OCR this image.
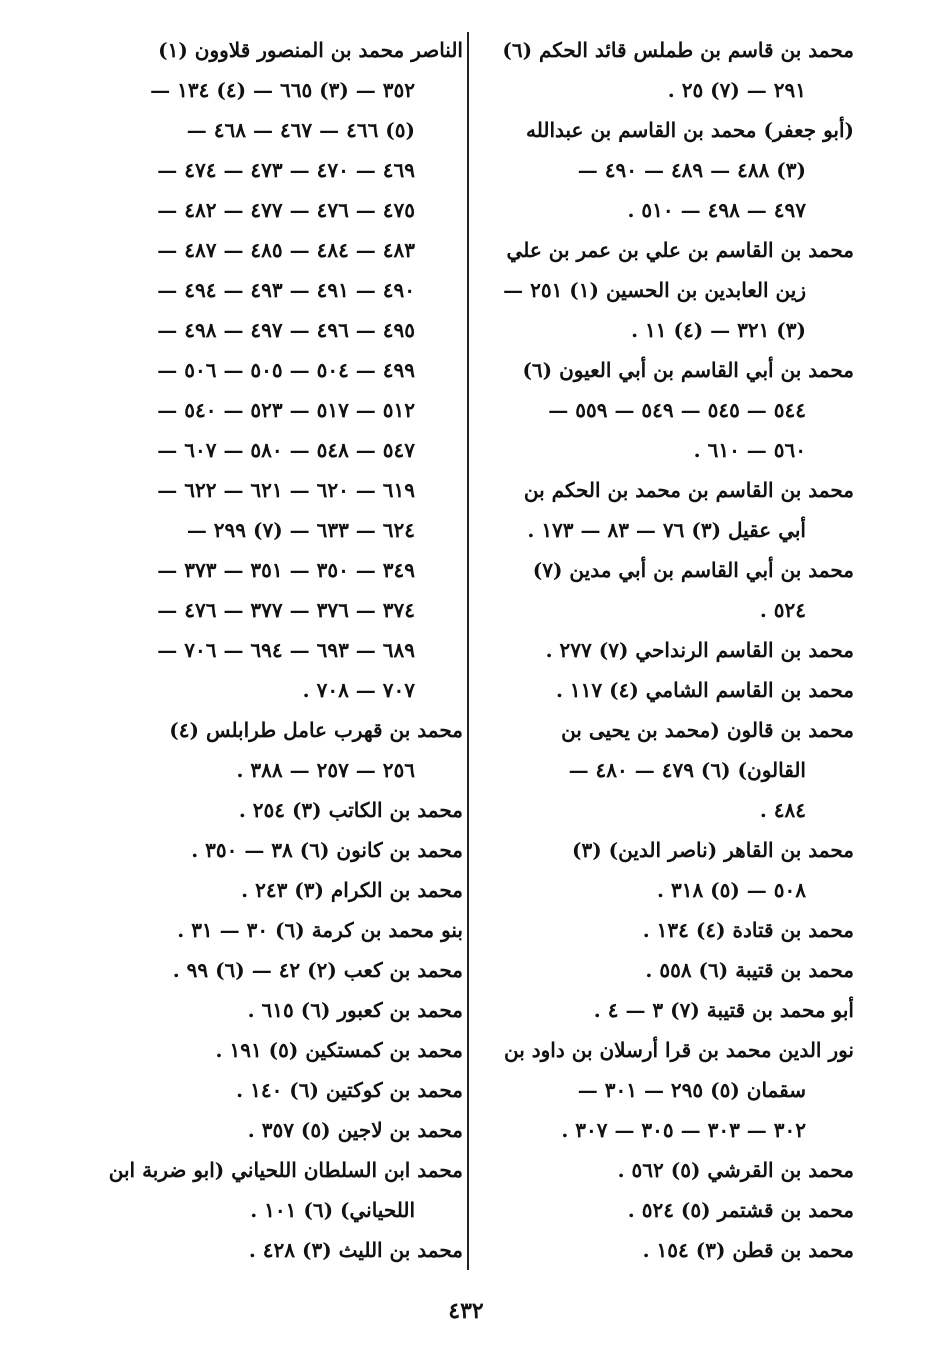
محمد بن قاسم بن طملس قائد الحكم (٦)
٢٩١ — (٧) ٢٥ .
(أبو جعفر) محمد بن القاسم بن عبدالله
(٣) ٤٨٨ — ٤٨٩ — ٤٩٠ —
٤٩٧ — ٤٩٨ — ٥١٠ .
محمد بن القاسم بن علي بن عمر بن علي
زين العابدين بن الحسين (١) ٢٥١ —
(٣) ٣٢١ — (٤) ١١ .
محمد بن أبي القاسم بن أبي العيون (٦)
٥٤٤ — ٥٤٥ — ٥٤٩ — ٥٥٩ —
٥٦٠ — ٦١٠ .
محمد بن القاسم بن محمد بن الحكم بن
أبي عقيل (٣) ٧٦ — ٨٣ — ١٧٣ .
محمد بن أبي القاسم بن أبي مدين (٧)
٥٢٤ .
محمد بن القاسم الرنداحي (٧) ٢٧٧ .
محمد بن القاسم الشامي (٤) ١١٧ .
محمد بن قالون (محمد بن يحيى بن
القالون) (٦) ٤٧٩ — ٤٨٠ —
٤٨٤ .
محمد بن القاهر (ناصر الدين) (٣)
٥٠٨ — (٥) ٣١٨ .
محمد بن قتادة (٤) ١٣٤ .
محمد بن قتيبة (٦) ٥٥٨ .
أبو محمد بن قتيبة (٧) ٣ — ٤ .
نور الدين محمد بن قرا أرسلان بن داود بن
سقمان (٥) ٢٩٥ — ٣٠١ —
٣٠٢ — ٣٠٣ — ٣٠٥ — ٣٠٧ .
محمد بن القرشي (٥) ٥٦٢ .
محمد بن قشتمر (٥) ٥٢٤ .
محمد بن قطن (٣) ١٥٤ .
الناصر محمد بن المنصور قلاوون (١)
٣٥٢ — (٣) ٦٦٥ — (٤) ١٣٤ —
(٥) ٤٦٦ — ٤٦٧ — ٤٦٨ —
٤٦٩ — ٤٧٠ — ٤٧٣ — ٤٧٤ —
٤٧٥ — ٤٧٦ — ٤٧٧ — ٤٨٢ —
٤٨٣ — ٤٨٤ — ٤٨٥ — ٤٨٧ —
٤٩٠ — ٤٩١ — ٤٩٣ — ٤٩٤ —
٤٩٥ — ٤٩٦ — ٤٩٧ — ٤٩٨ —
٤٩٩ — ٥٠٤ — ٥٠٥ — ٥٠٦ —
٥١٢ — ٥١٧ — ٥٢٣ — ٥٤٠ —
٥٤٧ — ٥٤٨ — ٥٨٠ — ٦٠٧ —
٦١٩ — ٦٢٠ — ٦٢١ — ٦٢٢ —
٦٢٤ — ٦٣٣ — (٧) ٢٩٩ —
٣٤٩ — ٣٥٠ — ٣٥١ — ٣٧٣ —
٣٧٤ — ٣٧٦ — ٣٧٧ — ٤٧٦ —
٦٨٩ — ٦٩٣ — ٦٩٤ — ٧٠٦ —
٧٠٧ — ٧٠٨ .
محمد بن قهرب عامل طرابلس (٤)
٢٥٦ — ٢٥٧ — ٣٨٨ .
محمد بن الكاتب (٣) ٢٥٤ .
محمد بن كانون (٦) ٣٨ — ٣٥٠ .
محمد بن الكرام (٣) ٢٤٣ .
بنو محمد بن كرمة (٦) ٣٠ — ٣١ .
محمد بن كعب (٢) ٤٢ — (٦) ٩٩ .
محمد بن كعبور (٦) ٦١٥ .
محمد بن كمستكين (٥) ١٩١ .
محمد بن كوكتين (٦) ١٤٠ .
محمد بن لاجين (٥) ٣٥٧ .
محمد ابن السلطان اللحياني (ابو ضربة ابن
اللحياني) (٦) ١٠١ .
محمد بن الليث (٣) ٤٢٨ .
٤٣٢
